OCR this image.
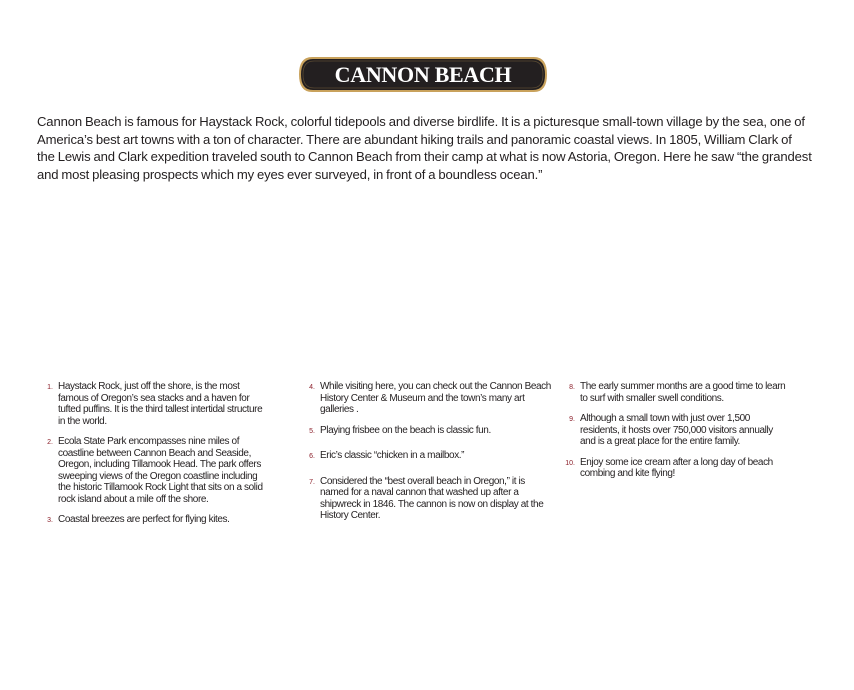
CANNON BEACH

Cannon Beach is famous for Haystack Rock, colorful tidepools and diverse birdlife. It is a picturesque small-town village by the sea, one of America’s best art towns with a ton of character. There are abundant hiking trails and panoramic coastal views. In 1805, William Clark of the Lewis and Clark expedition traveled south to Cannon Beach from their camp at what is now Astoria, Oregon. Here he saw “the grandest and most pleasing prospects which my eyes ever surveyed, in front of a boundless ocean.”

1. Haystack Rock, just off the shore, is the most famous of Oregon’s sea stacks and a haven for tufted puffins. It is the third tallest intertidal structure in the world.
2. Ecola State Park encompasses nine miles of coastline between Cannon Beach and Seaside, Oregon, including Tillamook Head. The park offers sweeping views of the Oregon coastline including the historic Tillamook Rock Light that sits on a solid rock island about a mile off the shore.
3. Coastal breezes are perfect for flying kites.
4. While visiting here, you can check out the Cannon Beach History Center & Museum and the town’s many art galleries .
5. Playing frisbee on the beach is classic fun.
6. Eric’s classic “chicken in a mailbox.”
7. Considered the “best overall beach in Oregon,” it is named for a naval cannon that washed up after a shipwreck in 1846. The cannon is now on display at the History Center.
8. The early summer months are a good time to learn to surf with smaller swell conditions.
9. Although a small town with just over 1,500 residents, it hosts over 750,000 visitors annually and is a great place for the entire family.
10. Enjoy some ice cream after a long day of beach combing and kite flying!
